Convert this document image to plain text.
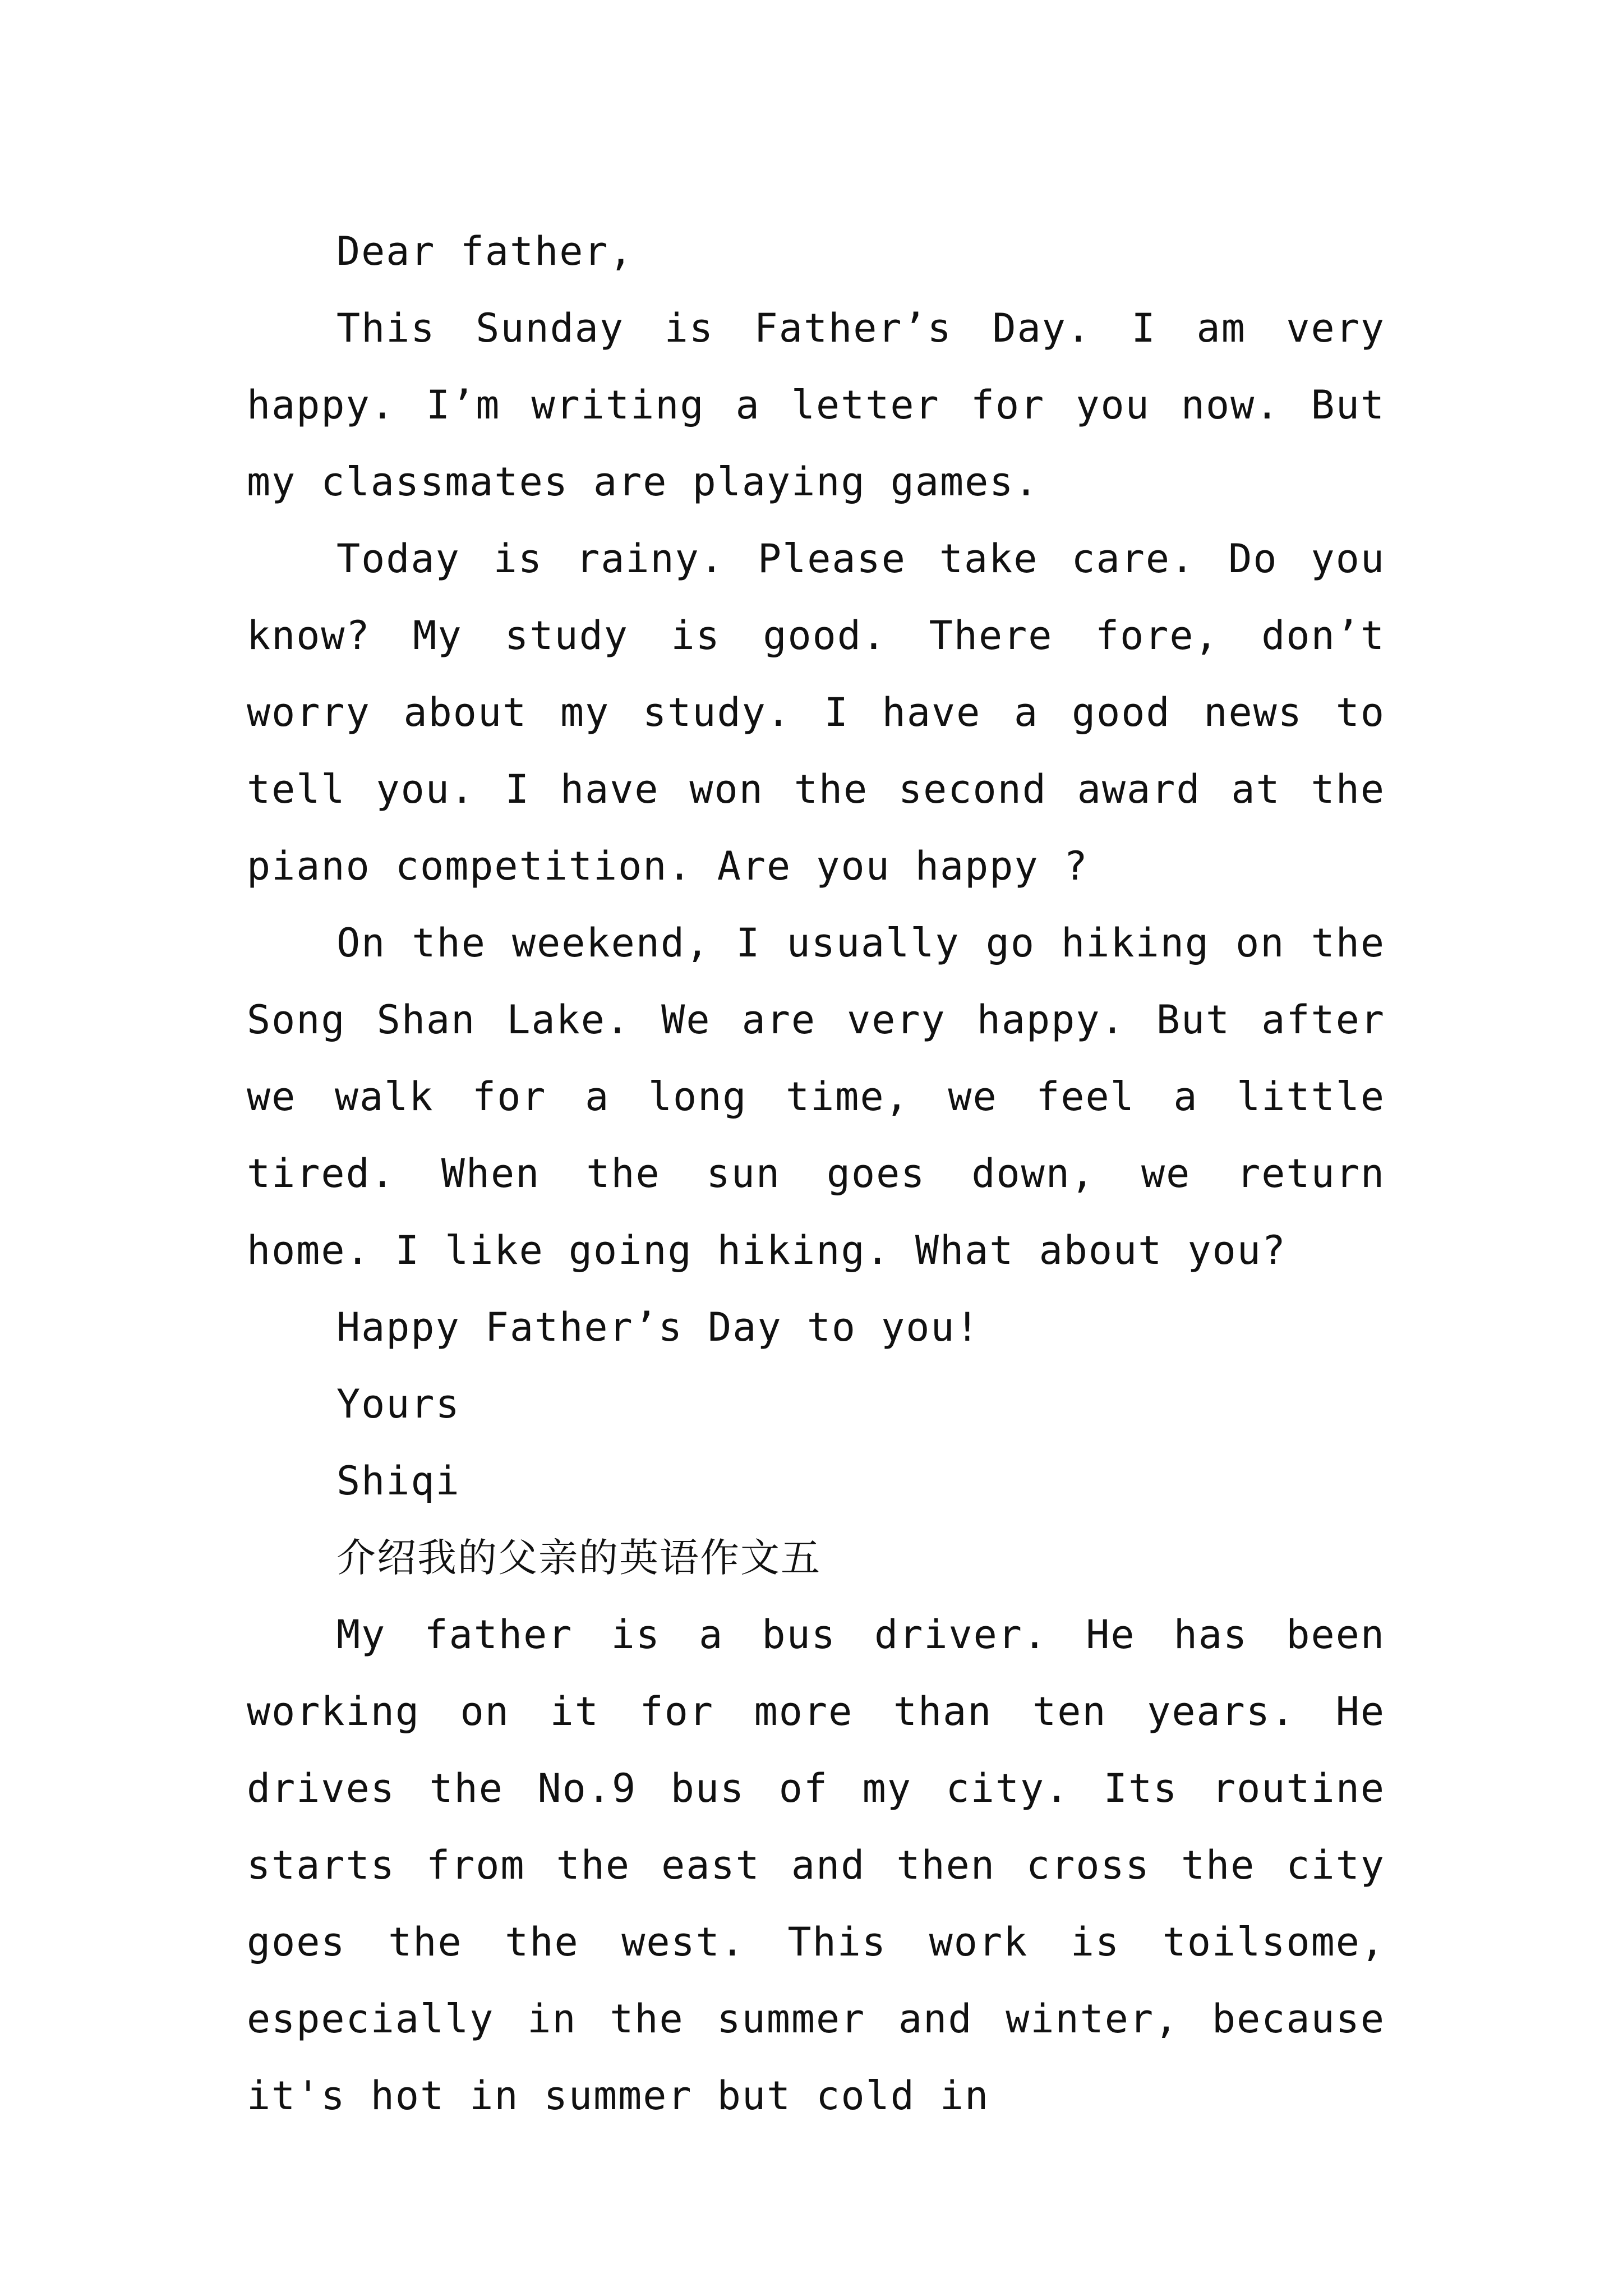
Dear father,

This Sunday is Father’s Day. I am very happy. I’m writing a letter for you now. But my classmates are playing games.

Today is rainy. Please take care. Do you know? My study is good. There fore, don’t worry about my study. I have a good news to tell you. I have won the second award at the piano competition. Are you happy ?

On the weekend, I usually go hiking on the Song Shan Lake. We are very happy. But after we walk for a long time, we feel a little tired. When the sun goes down, we return home. I like going hiking. What about you?

Happy Father’s Day to you!

Yours

Shiqi

介绍我的父亲的英语作文五

My father is a bus driver. He has been working on it for more than ten years. He drives the No.9 bus of my city. Its routine starts from the east and then cross the city goes the the west. This work is toilsome, especially in the summer and winter, because it's hot in summer but cold in
